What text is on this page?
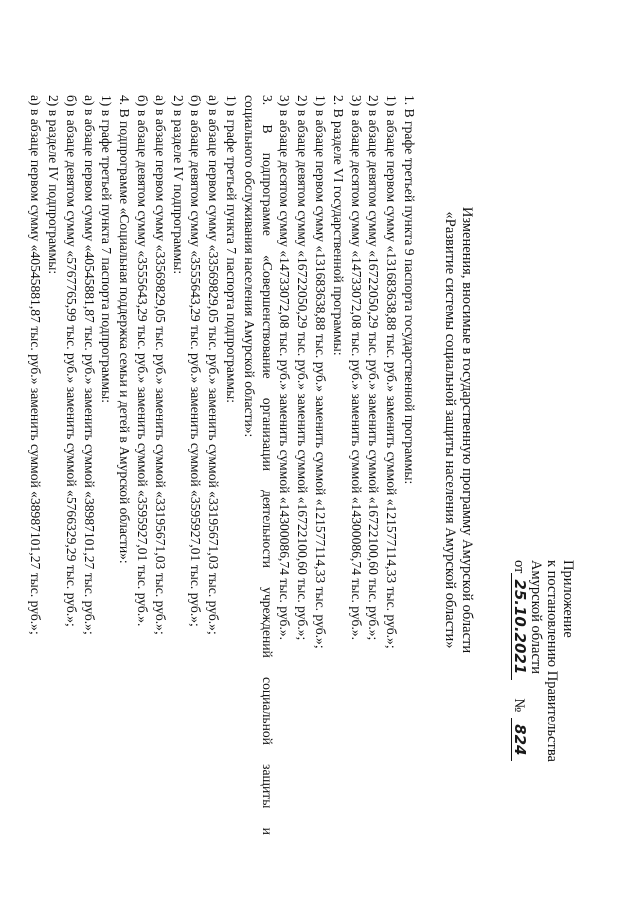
Приложение
к постановлению Правительства
Амурской области
от25.10.2021№824
Изменения, вносимые в государственную программу Амурской области
«Развитие системы социальной защиты населения Амурской области»
1. В графе третьей пункта 9 паспорта государственной программы:
1) в абзаце первом сумму «131683638,88 тыс. руб.» заменить суммой «121577114,33 тыс. руб.»;
2) в абзаце девятом сумму «16722050,29 тыс. руб.» заменить суммой «16722100,60 тыс. руб.»;
3) в абзаце десятом сумму «14733072,08 тыс. руб.» заменить суммой «14300086,74 тыс. руб.».
2. В разделе VI государственной программы:
1) в абзаце первом сумму «131683638,88 тыс. руб.» заменить суммой «121577114,33 тыс. руб.»;
2) в абзаце девятом сумму «16722050,29 тыс. руб.» заменить суммой «16722100,60 тыс. руб.»;
3) в абзаце десятом сумму «14733072,08 тыс. руб.» заменить суммой «14300086,74 тыс. руб.».
3.
В
подпрограмме
«Совершенствование
организации
деятельности
учреждений
социальной
защиты
и
социального обслуживания населения Амурской области»:
1) в графе третьей пункта 7 паспорта подпрограммы:
а) в абзаце первом сумму «33569829,05 тыс. руб.» заменить суммой «33195671,03 тыс. руб.»;
б) в абзаце девятом сумму «3555643,29 тыс. руб.» заменить суммой «3595927,01 тыс. руб.»;
2) в разделе IV подпрограммы:
а) в абзаце первом сумму «33569829,05 тыс. руб.» заменить суммой «33195671,03 тыс. руб.»;
б) в абзаце девятом сумму «3555643,29 тыс. руб.» заменить суммой «3595927,01 тыс. руб.».
4. В подпрограмме «Социальная поддержка семьи и детей в Амурской области»:
1) в графе третьей пункта 7 паспорта подпрограммы:
а) в абзаце первом сумму «40545881,87 тыс. руб.» заменить суммой «38987101,27 тыс. руб.»;
б) в абзаце девятом сумму «5767765,99 тыс. руб.» заменить суммой «5766329,29 тыс. руб.»;
2) в разделе IV подпрограммы:
а) в абзаце первом сумму «40545881,87 тыс. руб.» заменить суммой «38987101,27 тыс. руб.»;
